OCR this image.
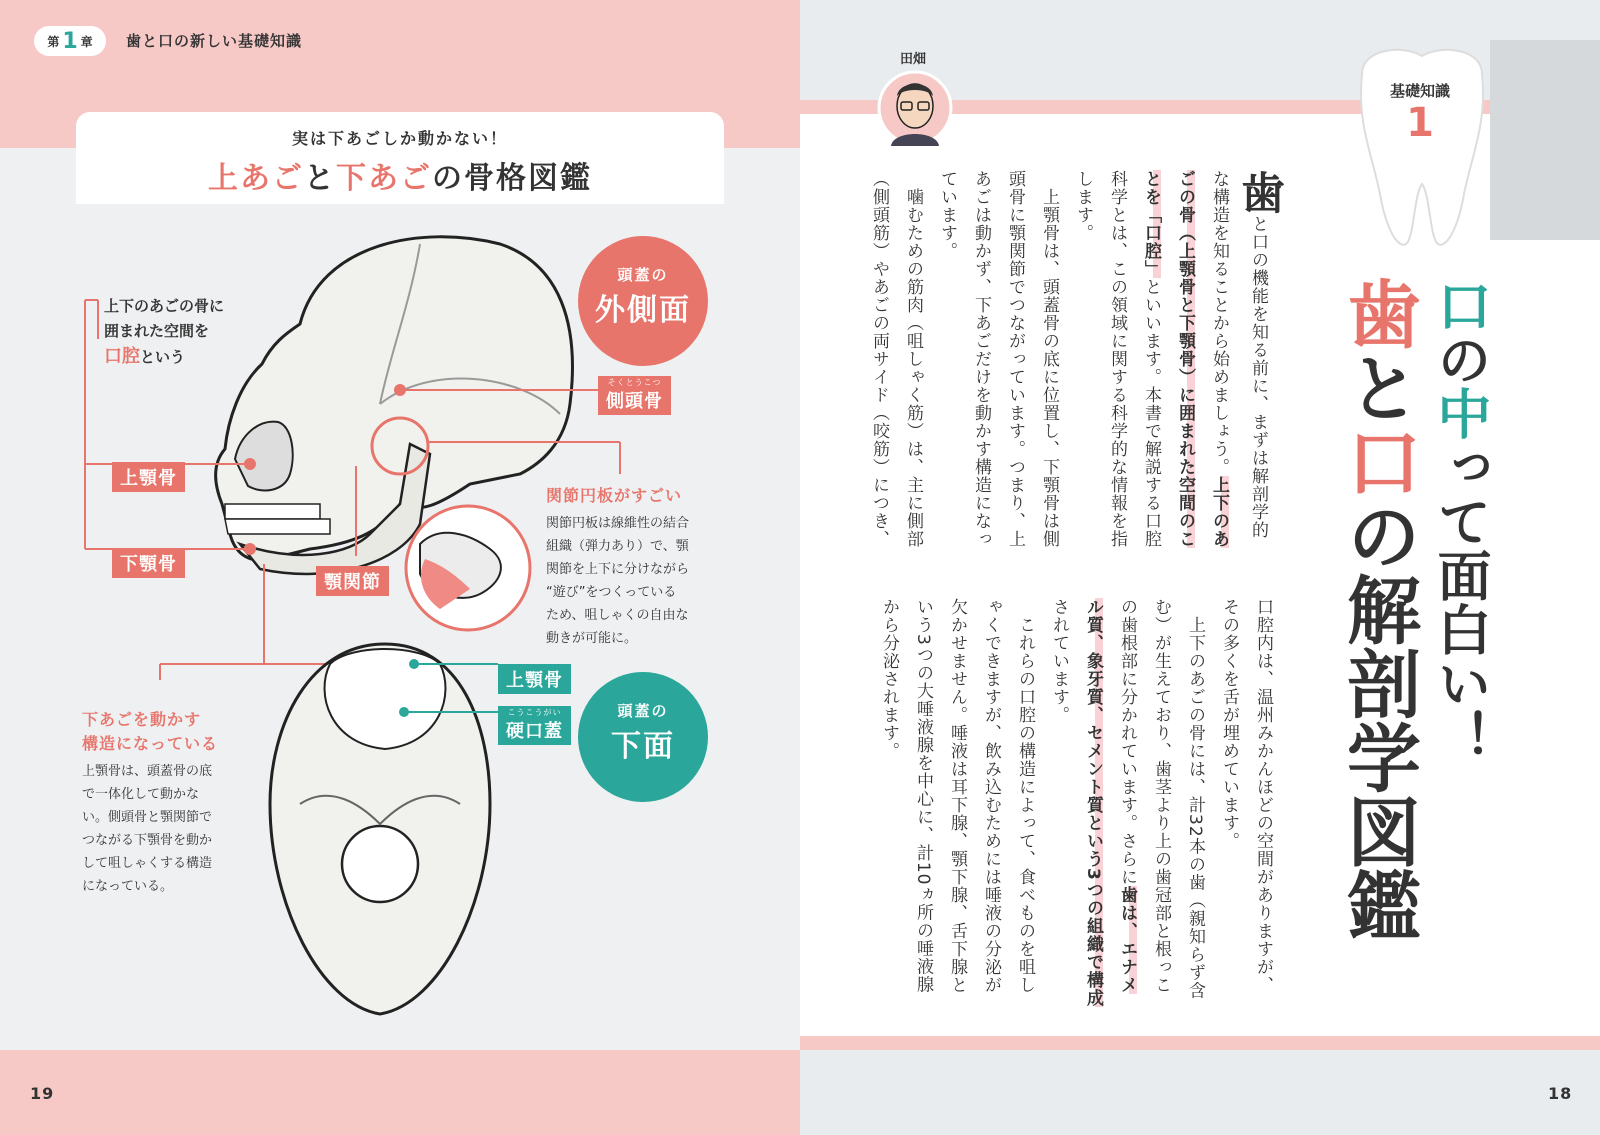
第 1 章 歯と口の新しい基礎知識
実は下あごしか動かない！
上あごと下あごの骨格図鑑
上下のあごの骨に
囲まれた空間を
口腔という
頭蓋の
外側面
頭蓋の
下面
そくとうこつ
側頭骨
上顎骨
下顎骨
顎関節
上顎骨
こうこうがい
硬口蓋
関節円板がすごい
関節円板は線維性の結合
組織（弾力あり）で、顎
関節を上下に分けながら
“遊び”をつくっている
ため、咀しゃくの自由な
動きが可能に。
下あごを動かす
構造になっている
上顎骨は、頭蓋骨の底
で一体化して動かな
い。側頭骨と顎関節で
つながる下顎骨を動か
して咀しゃくする構造
になっている。
19
田畑
基礎知識
1
口の中って面白い！
歯と口の解剖学図鑑
歯と口の機能を知る前に、まずは解剖学的な構造を知ることから始めましょう。上下のあごの骨（上顎骨と下顎骨）に囲まれた空間のことを「口腔」といいます。本書で解説する口腔科学とは、この領域に関する科学的な情報を指します。
　上顎骨は、頭蓋骨の底に位置し、下顎骨は側頭骨に顎関節でつながっています。つまり、上あごは動かず、下あごだけを動かす構造になっています。
　噛むための筋肉（咀しゃく筋）は、主に側部（側頭筋）やあごの両サイド（咬筋）につき、
口腔内は、温州みかんほどの空間がありますが、その多くを舌が埋めています。
　上下のあごの骨には、計32本の歯（親知らず含む）が生えており、歯茎より上の歯冠部と根っこの歯根部に分かれています。さらに歯は、エナメル質、象牙質、セメント質という3つの組織で構成されています。
　これらの口腔の構造によって、食べものを咀しゃくできますが、飲み込むためには唾液の分泌が欠かせません。唾液は耳下腺、顎下腺、舌下腺という3つの大唾液腺を中心に、計10ヵ所の唾液腺から分泌されます。
18
